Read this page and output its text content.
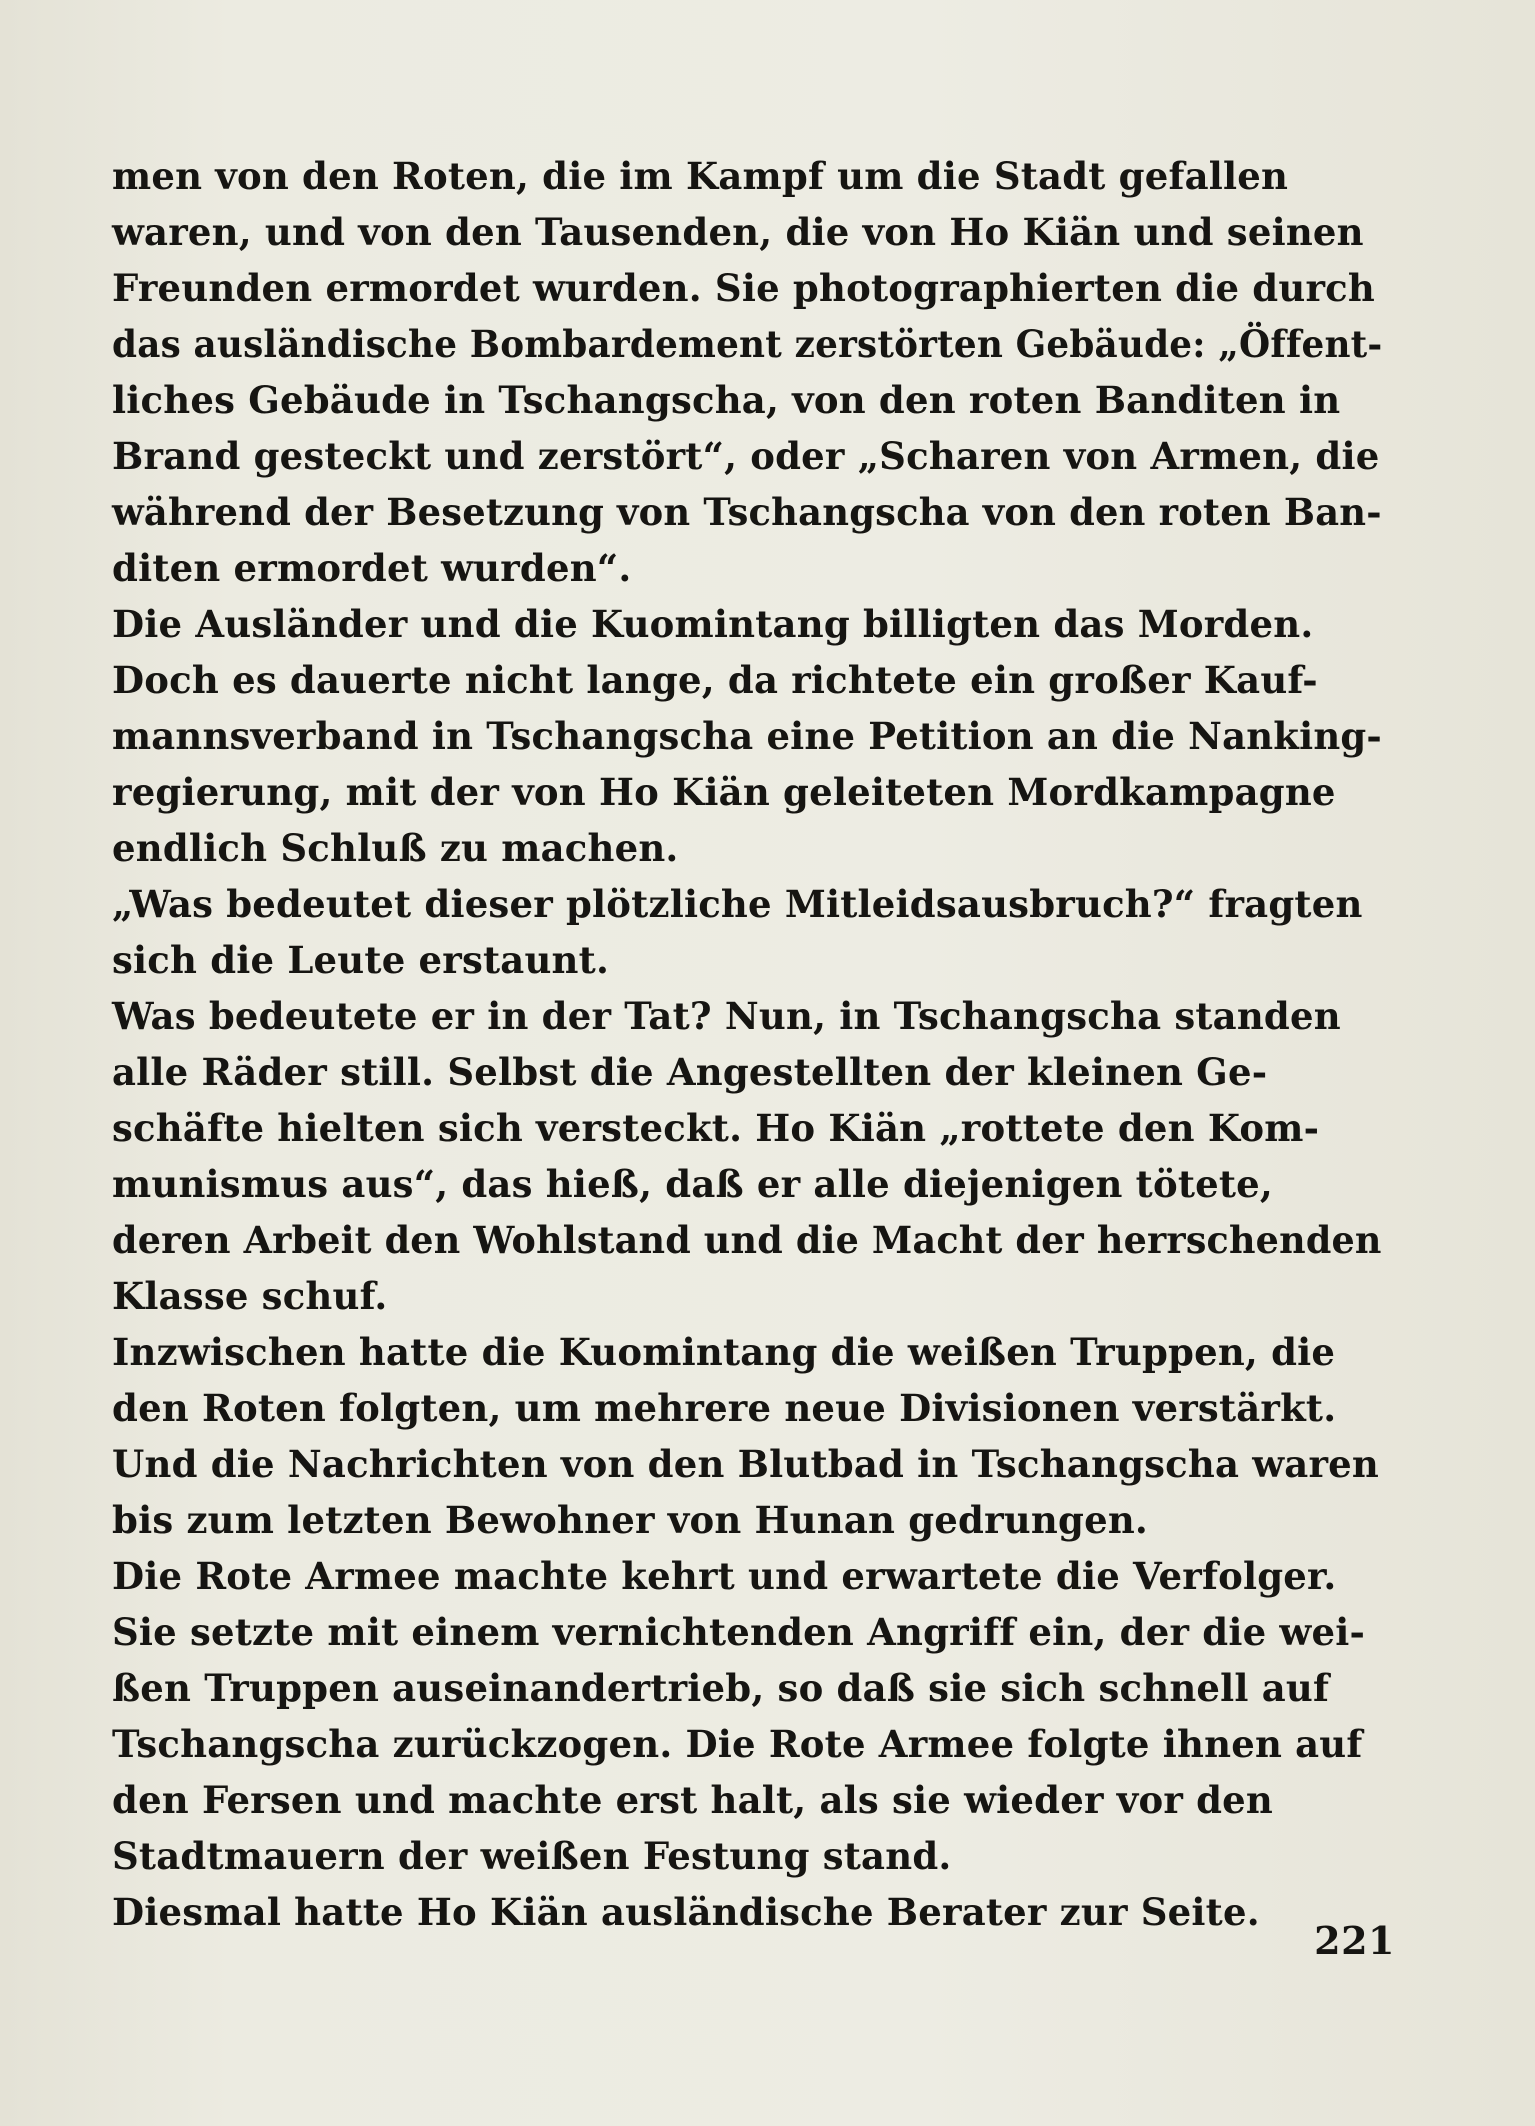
men von den Roten, die im Kampf um die Stadt gefallen
waren, und von den Tausenden, die von Ho Kiän und seinen
Freunden ermordet wurden. Sie photographierten die durch
das ausländische Bombardement zerstörten Gebäude: „Öffent-
liches Gebäude in Tschangscha, von den roten Banditen in
Brand gesteckt und zerstört“, oder „Scharen von Armen, die
während der Besetzung von Tschangscha von den roten Ban-
diten ermordet wurden“.
Die Ausländer und die Kuomintang billigten das Morden.
Doch es dauerte nicht lange, da richtete ein großer Kauf-
mannsverband in Tschangscha eine Petition an die Nanking-
regierung, mit der von Ho Kiän geleiteten Mordkampagne
endlich Schluß zu machen.
„Was bedeutet dieser plötzliche Mitleidsausbruch?“ fragten
sich die Leute erstaunt.
Was bedeutete er in der Tat? Nun, in Tschangscha standen
alle Räder still. Selbst die Angestellten der kleinen Ge-
schäfte hielten sich versteckt. Ho Kiän „rottete den Kom-
munismus aus“, das hieß, daß er alle diejenigen tötete,
deren Arbeit den Wohlstand und die Macht der herrschenden
Klasse schuf.
Inzwischen hatte die Kuomintang die weißen Truppen, die
den Roten folgten, um mehrere neue Divisionen verstärkt.
Und die Nachrichten von den Blutbad in Tschangscha waren
bis zum letzten Bewohner von Hunan gedrungen.
Die Rote Armee machte kehrt und erwartete die Verfolger.
Sie setzte mit einem vernichtenden Angriff ein, der die wei-
ßen Truppen auseinandertrieb, so daß sie sich schnell auf
Tschangscha zurückzogen. Die Rote Armee folgte ihnen auf
den Fersen und machte erst halt, als sie wieder vor den
Stadtmauern der weißen Festung stand.
Diesmal hatte Ho Kiän ausländische Berater zur Seite.
221
